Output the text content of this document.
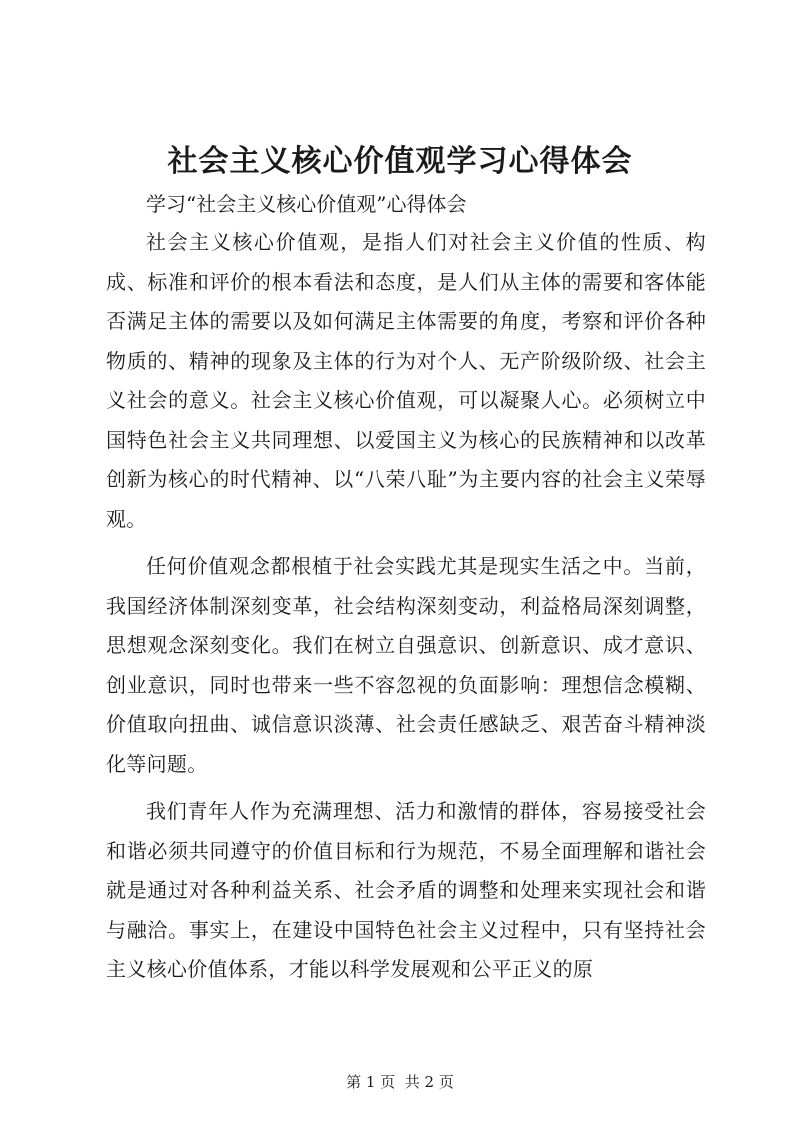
社会主义核心价值观学习心得体会

学习“社会主义核心价值观”心得体会

社会主义核心价值观，是指人们对社会主义价值的性质、构成、标准和评价的根本看法和态度，是人们从主体的需要和客体能否满足主体的需要以及如何满足主体需要的角度，考察和评价各种物质的、精神的现象及主体的行为对个人、无产阶级阶级、社会主义社会的意义。社会主义核心价值观，可以凝聚人心。必须树立中国特色社会主义共同理想、以爱国主义为核心的民族精神和以改革创新为核心的时代精神、以“八荣八耻”为主要内容的社会主义荣辱观。

任何价值观念都根植于社会实践尤其是现实生活之中。当前，我国经济体制深刻变革，社会结构深刻变动，利益格局深刻调整，思想观念深刻变化。我们在树立自强意识、创新意识、成才意识、创业意识，同时也带来一些不容忽视的负面影响：理想信念模糊、价值取向扭曲、诚信意识淡薄、社会责任感缺乏、艰苦奋斗精神淡化等问题。

我们青年人作为充满理想、活力和激情的群体，容易接受社会和谐必须共同遵守的价值目标和行为规范，不易全面理解和谐社会就是通过对各种利益关系、社会矛盾的调整和处理来实现社会和谐与融洽。事实上，在建设中国特色社会主义过程中，只有坚持社会主义核心价值体系，才能以科学发展观和公平正义的原

第 1 页  共 2 页
